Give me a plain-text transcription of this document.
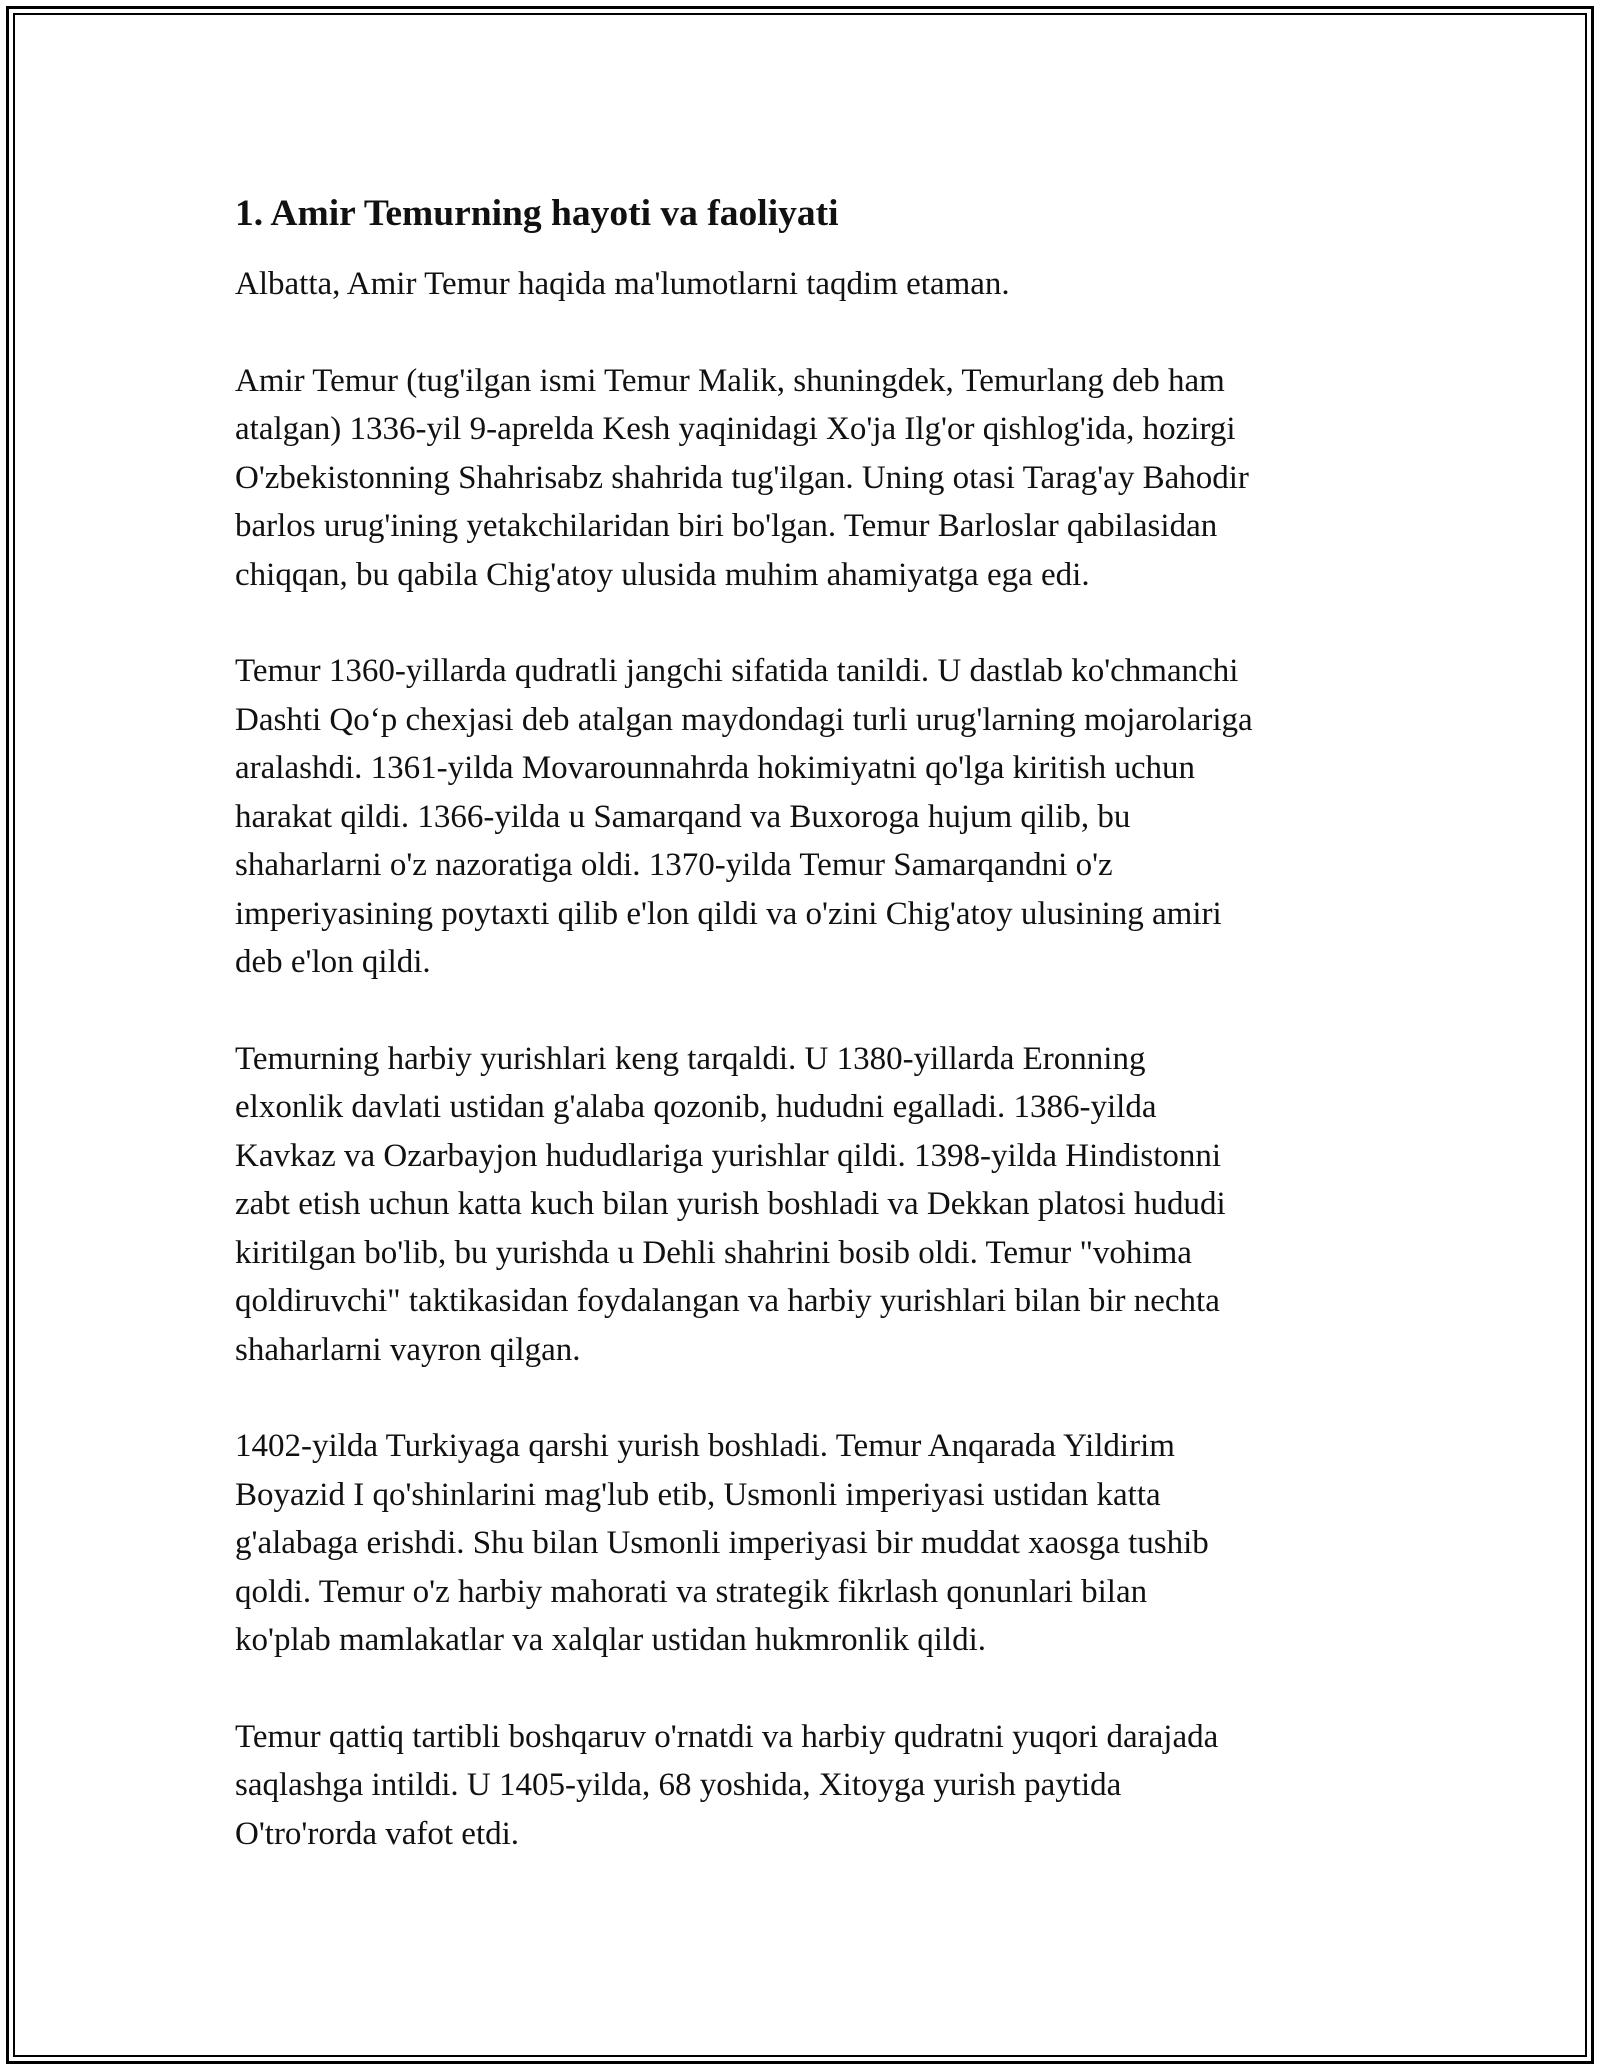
1. Amir Temurning hayoti va faoliyati

Albatta, Amir Temur haqida ma'lumotlarni taqdim etaman.

Amir Temur (tug'ilgan ismi Temur Malik, shuningdek, Temurlang deb ham
atalgan) 1336-yil 9-aprelda Kesh yaqinidagi Xo'ja Ilg'or qishlog'ida, hozirgi
O'zbekistonning Shahrisabz shahrida tug'ilgan. Uning otasi Tarag'ay Bahodir
barlos urug'ining yetakchilaridan biri bo'lgan. Temur Barloslar qabilasidan
chiqqan, bu qabila Chig'atoy ulusida muhim ahamiyatga ega edi.

Temur 1360-yillarda qudratli jangchi sifatida tanildi. U dastlab ko'chmanchi
Dashti Qo‘p chexjasi deb atalgan maydondagi turli urug'larning mojarolariga
aralashdi. 1361-yilda Movarounnahrda hokimiyatni qo'lga kiritish uchun
harakat qildi. 1366-yilda u Samarqand va Buxoroga hujum qilib, bu
shaharlarni o'z nazoratiga oldi. 1370-yilda Temur Samarqandni o'z
imperiyasining poytaxti qilib e'lon qildi va o'zini Chig'atoy ulusining amiri
deb e'lon qildi.

Temurning harbiy yurishlari keng tarqaldi. U 1380-yillarda Eronning
elxonlik davlati ustidan g'alaba qozonib, hududni egalladi. 1386-yilda
Kavkaz va Ozarbayjon hududlariga yurishlar qildi. 1398-yilda Hindistonni
zabt etish uchun katta kuch bilan yurish boshladi va Dekkan platosi hududi
kiritilgan bo'lib, bu yurishda u Dehli shahrini bosib oldi. Temur "vohima
qoldiruvchi" taktikasidan foydalangan va harbiy yurishlari bilan bir nechta
shaharlarni vayron qilgan.

1402-yilda Turkiyaga qarshi yurish boshladi. Temur Anqarada Yildirim
Boyazid I qo'shinlarini mag'lub etib, Usmonli imperiyasi ustidan katta
g'alabaga erishdi. Shu bilan Usmonli imperiyasi bir muddat xaosga tushib
qoldi. Temur o'z harbiy mahorati va strategik fikrlash qonunlari bilan
ko'plab mamlakatlar va xalqlar ustidan hukmronlik qildi.

Temur qattiq tartibli boshqaruv o'rnatdi va harbiy qudratni yuqori darajada
saqlashga intildi. U 1405-yilda, 68 yoshida, Xitoyga yurish paytida
O'tro'rorda vafot etdi.
